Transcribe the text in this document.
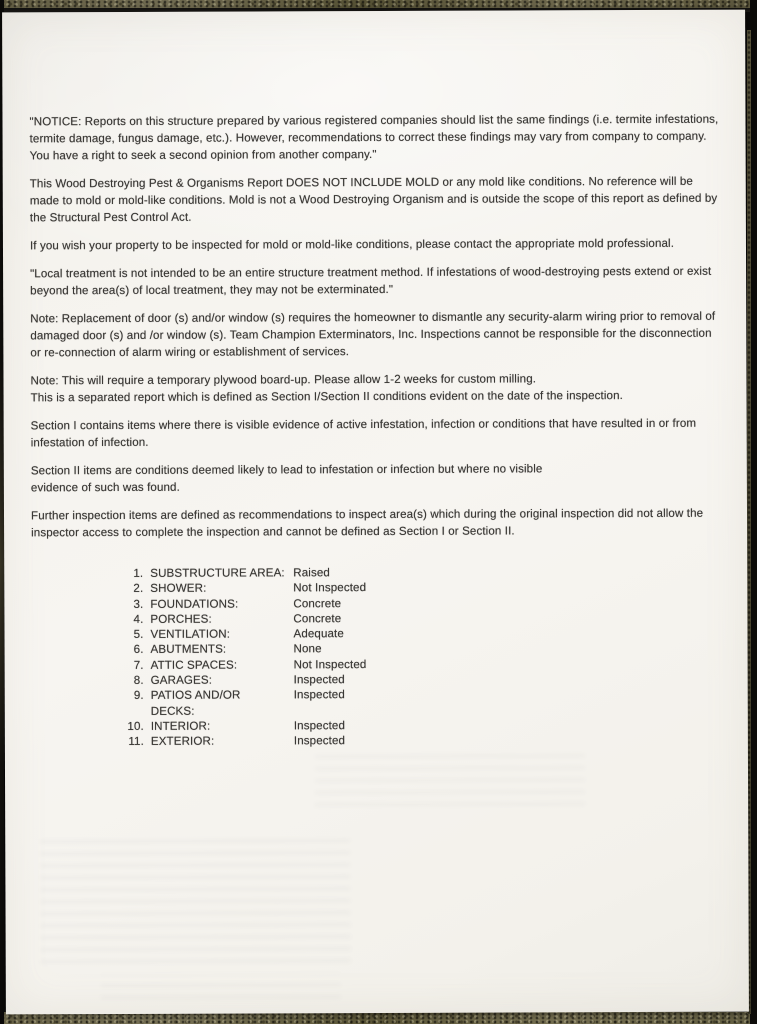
"NOTICE: Reports on this structure prepared by various registered companies should list the same findings (i.e. termite infestations, termite damage, fungus damage, etc.). However, recommendations to correct these findings may vary from company to company. You have a right to seek a second opinion from another company."

This Wood Destroying Pest & Organisms Report DOES NOT INCLUDE MOLD or any mold like conditions. No reference will be made to mold or mold-like conditions. Mold is not a Wood Destroying Organism and is outside the scope of this report as defined by the Structural Pest Control Act.

If you wish your property to be inspected for mold or mold-like conditions, please contact the appropriate mold professional.

"Local treatment is not intended to be an entire structure treatment method. If infestations of wood-destroying pests extend or exist beyond the area(s) of local treatment, they may not be exterminated."

Note: Replacement of door (s) and/or window (s) requires the homeowner to dismantle any security-alarm wiring prior to removal of damaged door (s) and /or window (s). Team Champion Exterminators, Inc. Inspections cannot be responsible for the disconnection or re-connection of alarm wiring or establishment of services.

Note: This will require a temporary plywood board-up. Please allow 1-2 weeks for custom milling.
This is a separated report which is defined as Section I/Section II conditions evident on the date of the inspection.

Section I contains items where there is visible evidence of active infestation, infection or conditions that have resulted in or from infestation of infection.

Section II items are conditions deemed likely to lead to infestation or infection but where no visible
evidence of such was found.

Further inspection items are defined as recommendations to inspect area(s) which during the original inspection did not allow the inspector access to complete the inspection and cannot be defined as Section I or Section II.

1. SUBSTRUCTURE AREA: Raised
2. SHOWER:	Not Inspected
3. FOUNDATIONS:	Concrete
4. PORCHES:	Concrete
5. VENTILATION:	Adequate
6. ABUTMENTS:	None
7. ATTIC SPACES:	Not Inspected
8. GARAGES:	Inspected
9. PATIOS AND/OR DECKS:
Inspected
10. INTERIOR:	Inspected
11. EXTERIOR:	Inspected
